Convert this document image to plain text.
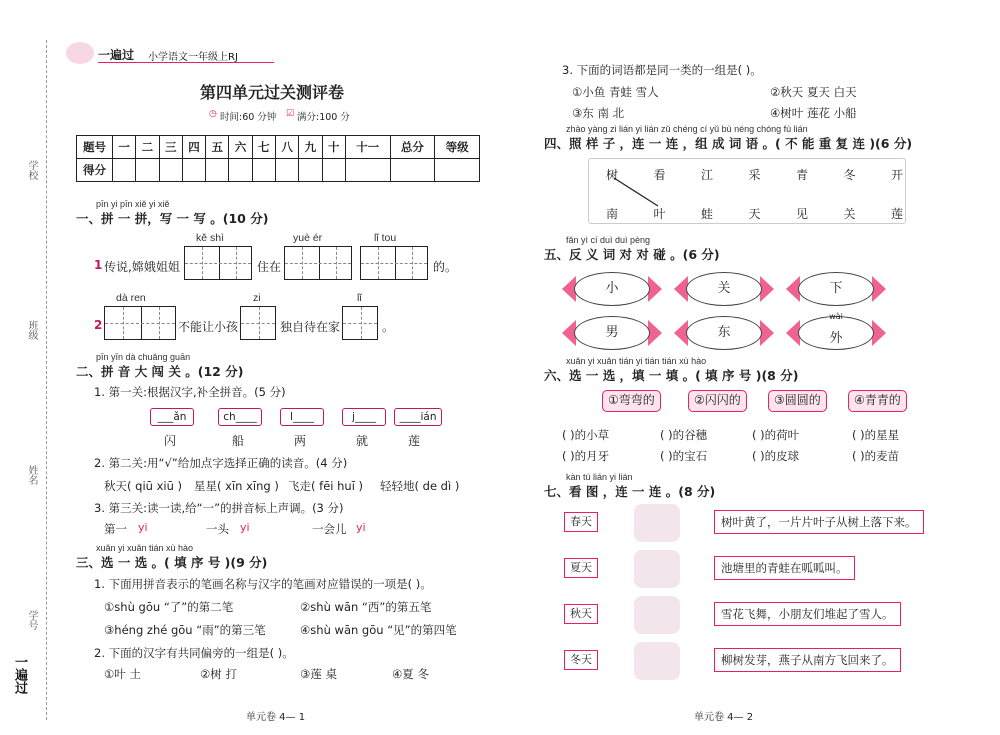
学校
班级
姓名
学号
一遍过
一遍过 小学语文一年级上RJ
第四单元过关测评卷
◷ 时间:60 分钟 ☑ 满分:100 分
题号	一	二	三	四	五	六	七	八	九	十	十一	总分	等级
得分													
pīn yi pīn xiě yi xiě
一、拼 一 拼，写 一 写 。(10 分)
kě shì	yuè ér	lǐ tou
1 传说,嫦娥姐姐	住在	的。
dà ren	zi	lǐ
2	不能让小孩	独自待在家	。
pīn yīn dà chuǎng guān
二、拼 音 大 闯 关 。(12 分)
1. 第一关:根据汉字,补全拼音。(5 分)
___ǎn
闪
ch____
船
l____
两
j____
就
____ián
莲
2. 第二关:用“√”给加点字选择正确的读音。(4 分)
秋天( qiū xiū ) 星星( xīn xīng ) 飞走( fēi huī ) 轻轻地( de dì )
3. 第三关:读一读,给“一”的拼音标上声调。(3 分)
第一 yi	一头 yi	一会儿 yi
xuǎn yi xuǎn tián xù hào
三、选 一 选 。( 填 序 号 )(9 分)
1. 下面用拼音表示的笔画名称与汉字的笔画对应错误的一项是( )。
①shù gōu “了”的第二笔	②shù wān “西”的第五笔
③héng zhé gōu “雨”的第三笔	④shù wān gōu “见”的第四笔
2. 下面的汉字有共同偏旁的一组是( )。
①叶 土	②树 打	③莲 桌	④夏 冬
单元卷 4— 1
3. 下面的词语都是同一类的一组是( )。
①小鱼 青蛙 雪人	②秋天 夏天 白天
③东 南 北	④树叶 莲花 小船
zhào yàng zi lián yi lián zǔ chéng cí yǔ bù néng chóng fù lián
四、照 样 子 ，连 一 连 ，组 成 词 语 。( 不 能 重 复 连 )(6 分)
树	看	江	采	青	冬	开
南	叶	蛙	天	见	关	莲
fǎn yì cí duì duì pèng
五、反 义 词 对 对 碰 。(6 分)
小	关	下
男	东
wài
外
xuǎn yi xuǎn tián yi tián tián xù hào
六、选 一 选 ，填 一 填 。( 填 序 号 )(8 分)
①弯弯的	②闪闪的	③圆圆的	④青青的
( )的小草	( )的谷穗	( )的荷叶	( )的星星
( )的月牙	( )的宝石	( )的皮球	( )的麦苗
kàn tú lián yi lián
七、看 图 ，连 一 连 。(8 分)
春天	树叶黄了，一片片叶子从树上落下来。
夏天	池塘里的青蛙在呱呱叫。
秋天	雪花飞舞，小朋友们堆起了雪人。
冬天	柳树发芽，燕子从南方飞回来了。
单元卷 4— 2
